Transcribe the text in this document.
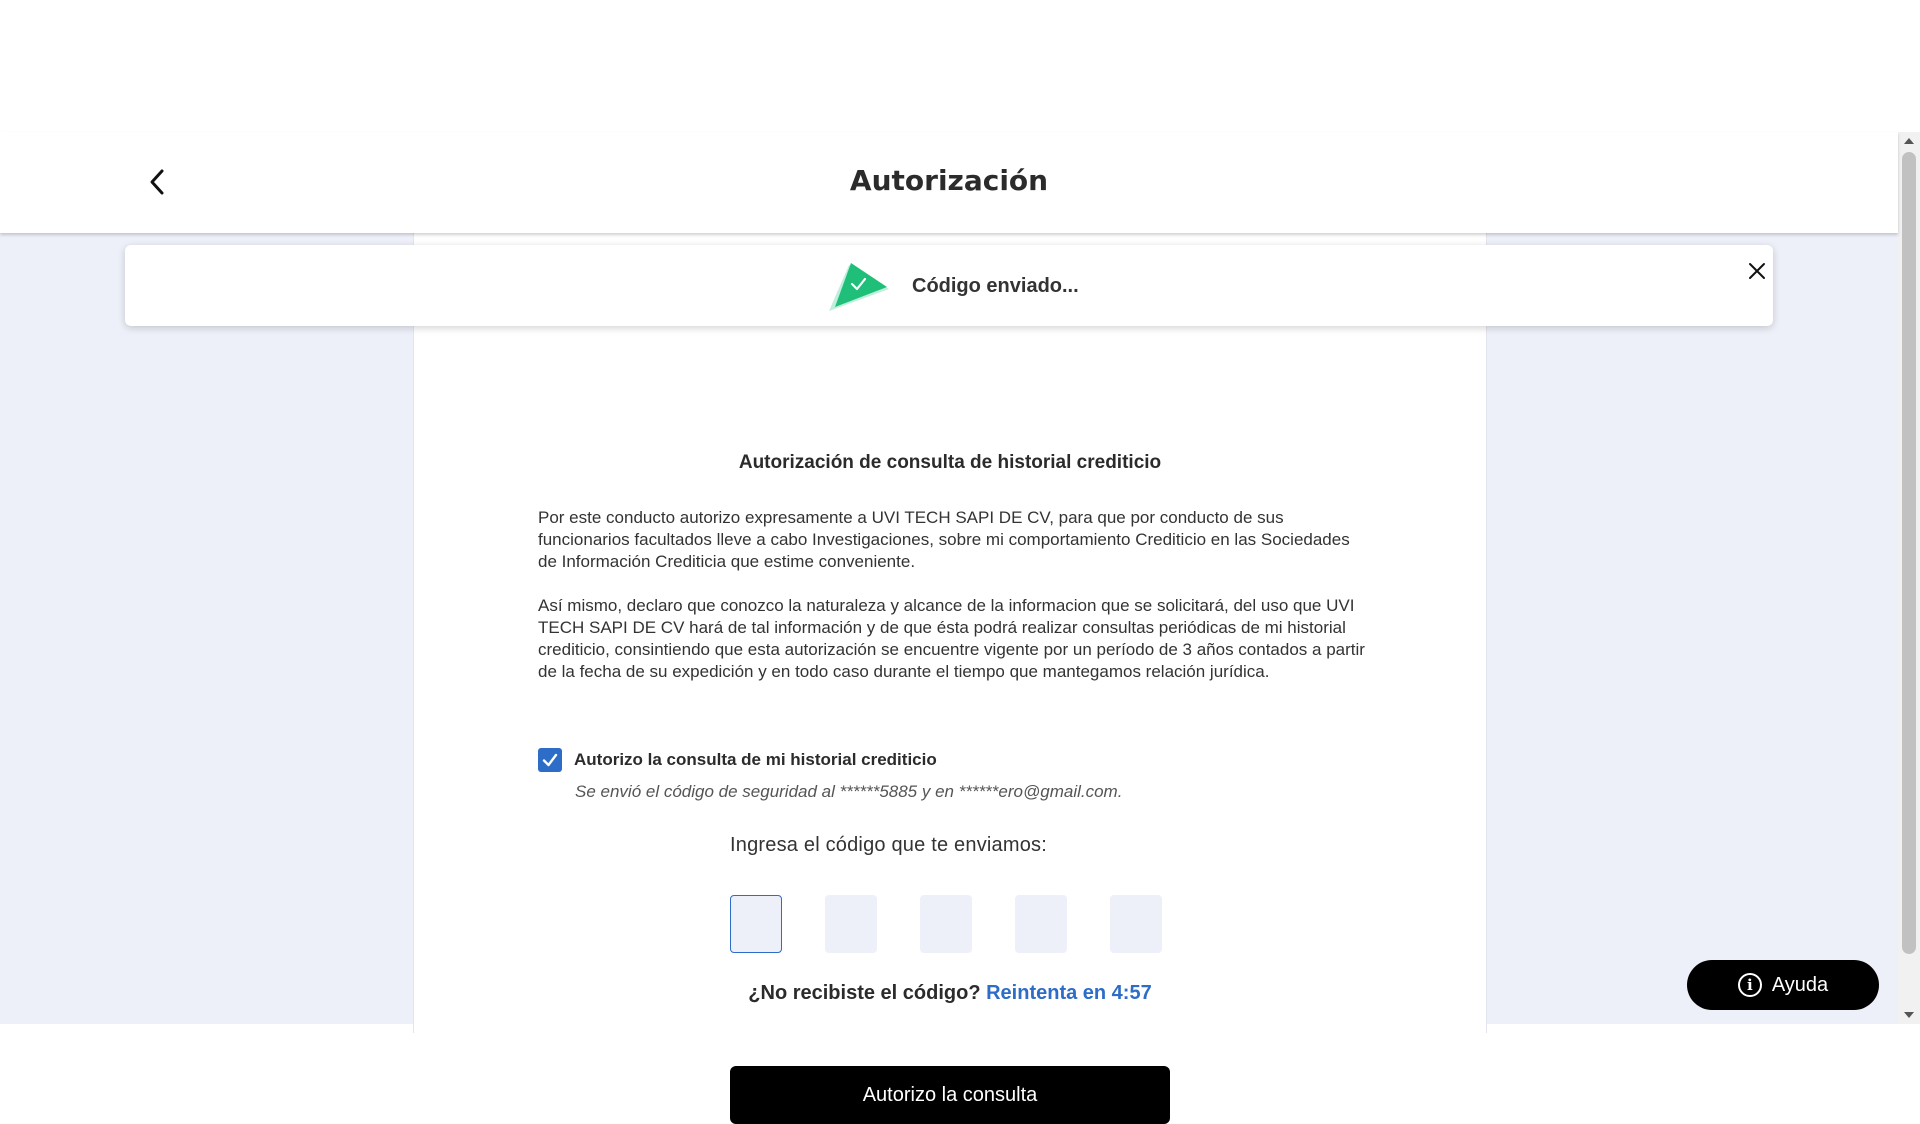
Autorización
Autorización de consulta de historial crediticio
Por este conducto autorizo expresamente a UVI TECH SAPI DE CV, para que por conducto de sus funcionarios facultados lleve a cabo Investigaciones, sobre mi comportamiento Crediticio en las Sociedades de Información Crediticia que estime conveniente.
Así mismo, declaro que conozco la naturaleza y alcance de la informacion que se solicitará, del uso que UVI TECH SAPI DE CV hará de tal información y de que ésta podrá realizar consultas periódicas de mi historial crediticio, consintiendo que esta autorización se encuentre vigente por un período de 3 años contados a partir de la fecha de su expedición y en todo caso durante el tiempo que mantegamos relación jurídica.
Autorizo la consulta de mi historial crediticio
Se envió el código de seguridad al ******5885 y en ******ero@gmail.com.
Ingresa el código que te enviamos:
¿No recibiste el código? Reintenta en 4:57
Autorizo la consulta
Código enviado...
i Ayuda
